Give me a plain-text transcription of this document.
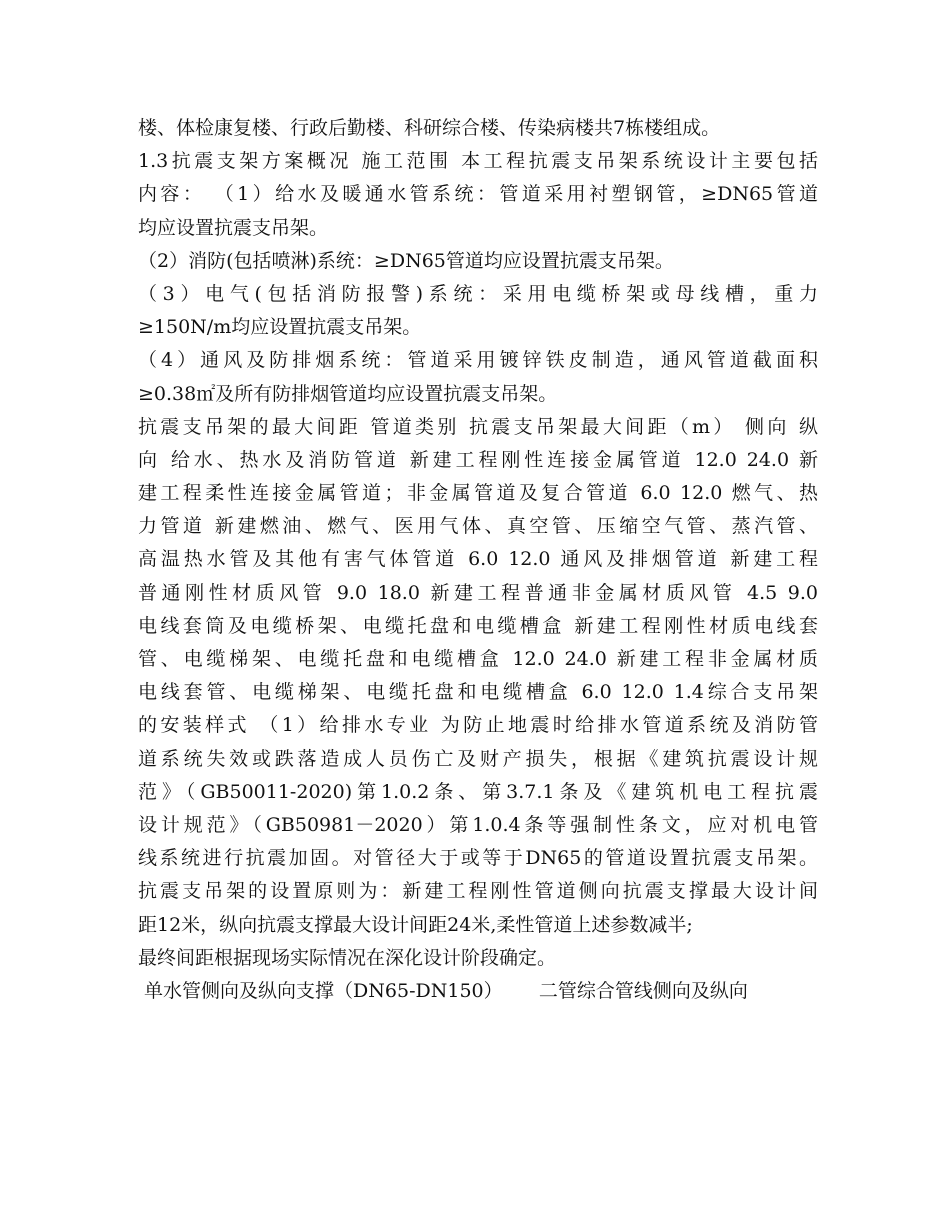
楼、体检康复楼、行政后勤楼、科研综合楼、传染病楼共7栋楼组成。
1.3抗震支架方案概况 施工范围 本工程抗震支吊架系统设计主要包括
内容： （1）给水及暖通水管系统：管道采用衬塑钢管，≥DN65管道
均应设置抗震支吊架。
（2）消防(包括喷淋)系统：≥DN65管道均应设置抗震支吊架。
（3）电气(包括消防报警)系统：采用电缆桥架或母线槽，重力
≥150N/m均应设置抗震支吊架。
（4）通风及防排烟系统：管道采用镀锌铁皮制造，通风管道截面积
≥0.38㎡及所有防排烟管道均应设置抗震支吊架。
抗震支吊架的最大间距 管道类别 抗震支吊架最大间距（m） 侧向 纵
向 给水、热水及消防管道 新建工程刚性连接金属管道 12.0 24.0 新
建工程柔性连接金属管道；非金属管道及复合管道 6.0 12.0 燃气、热
力管道 新建燃油、燃气、医用气体、真空管、压缩空气管、蒸汽管、
高温热水管及其他有害气体管道 6.0 12.0 通风及排烟管道 新建工程
普通刚性材质风管 9.0 18.0 新建工程普通非金属材质风管 4.5 9.0
电线套筒及电缆桥架、电缆托盘和电缆槽盒 新建工程刚性材质电线套
管、电缆梯架、电缆托盘和电缆槽盒 12.0 24.0 新建工程非金属材质
电线套管、电缆梯架、电缆托盘和电缆槽盒 6.0 12.0 1.4综合支吊架
的安装样式 （1）给排水专业 为防止地震时给排水管道系统及消防管
道系统失效或跌落造成人员伤亡及财产损失，根据《建筑抗震设计规
范》（GB50011-2020)第1.0.2条、第3.7.1条及《建筑机电工程抗震
设计规范》（GB50981－2020）第1.0.4条等强制性条文，应对机电管
线系统进行抗震加固。对管径大于或等于DN65的管道设置抗震支吊架。
抗震支吊架的设置原则为：新建工程刚性管道侧向抗震支撑最大设计间
距12米，纵向抗震支撑最大设计间距24米,柔性管道上述参数减半;
最终间距根据现场实际情况在深化设计阶段确定。
单水管侧向及纵向支撑（DN65-DN150）      二管综合管线侧向及纵向
